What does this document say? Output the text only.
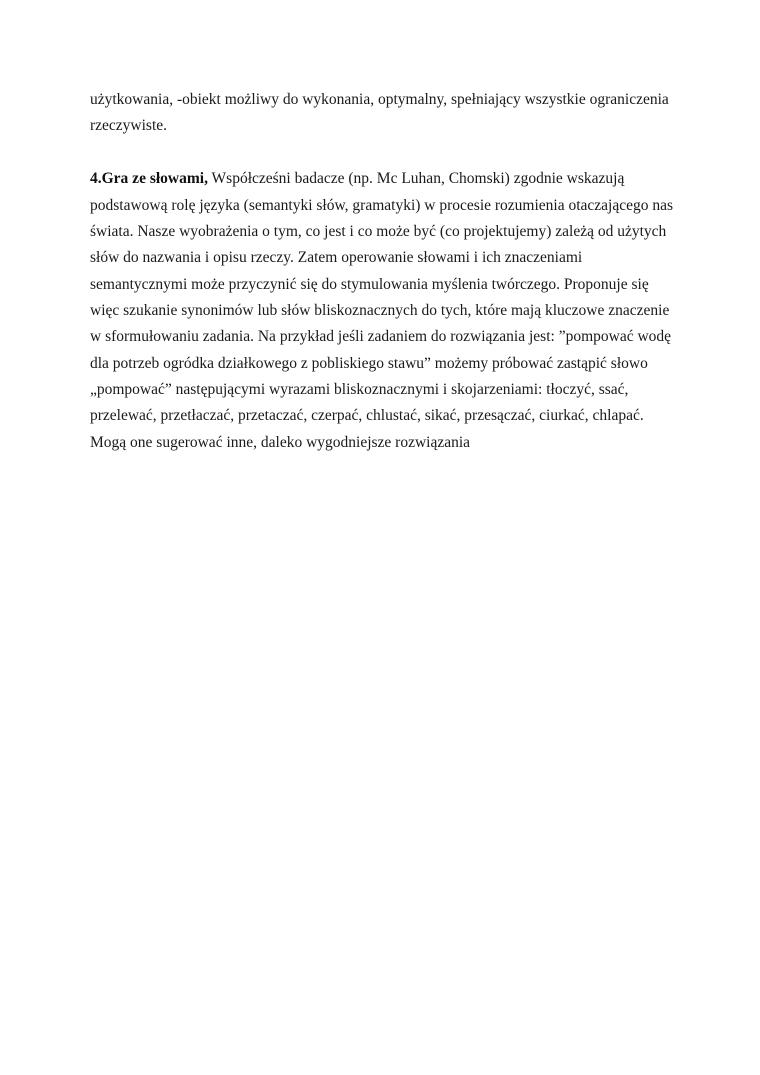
użytkowania, -obiekt możliwy do wykonania, optymalny, spełniający wszystkie ograniczenia
rzeczywiste.
4.Gra ze słowami, Współcześni badacze (np. Mc Luhan, Chomski) zgodnie wskazują
podstawową rolę języka (semantyki słów, gramatyki) w procesie rozumienia otaczającego nas
świata. Nasze wyobrażenia o tym, co jest i co może być (co projektujemy) zależą od użytych
słów do nazwania i opisu rzeczy. Zatem operowanie słowami i ich znaczeniami
semantycznymi może przyczynić się do stymulowania myślenia twórczego. Proponuje się
więc szukanie synonimów lub słów bliskoznacznych do tych, które mają kluczowe znaczenie
w sformułowaniu zadania. Na przykład jeśli zadaniem do rozwiązania jest: ”pompować wodę
dla potrzeb ogródka działkowego z pobliskiego stawu” możemy próbować zastąpić słowo
„pompować” następującymi wyrazami bliskoznacznymi i skojarzeniami: tłoczyć, ssać,
przelewać, przetłaczać, przetaczać, czerpać, chlustać, sikać, przesączać, ciurkać, chlapać.
Mogą one sugerować inne, daleko wygodniejsze rozwiązania
